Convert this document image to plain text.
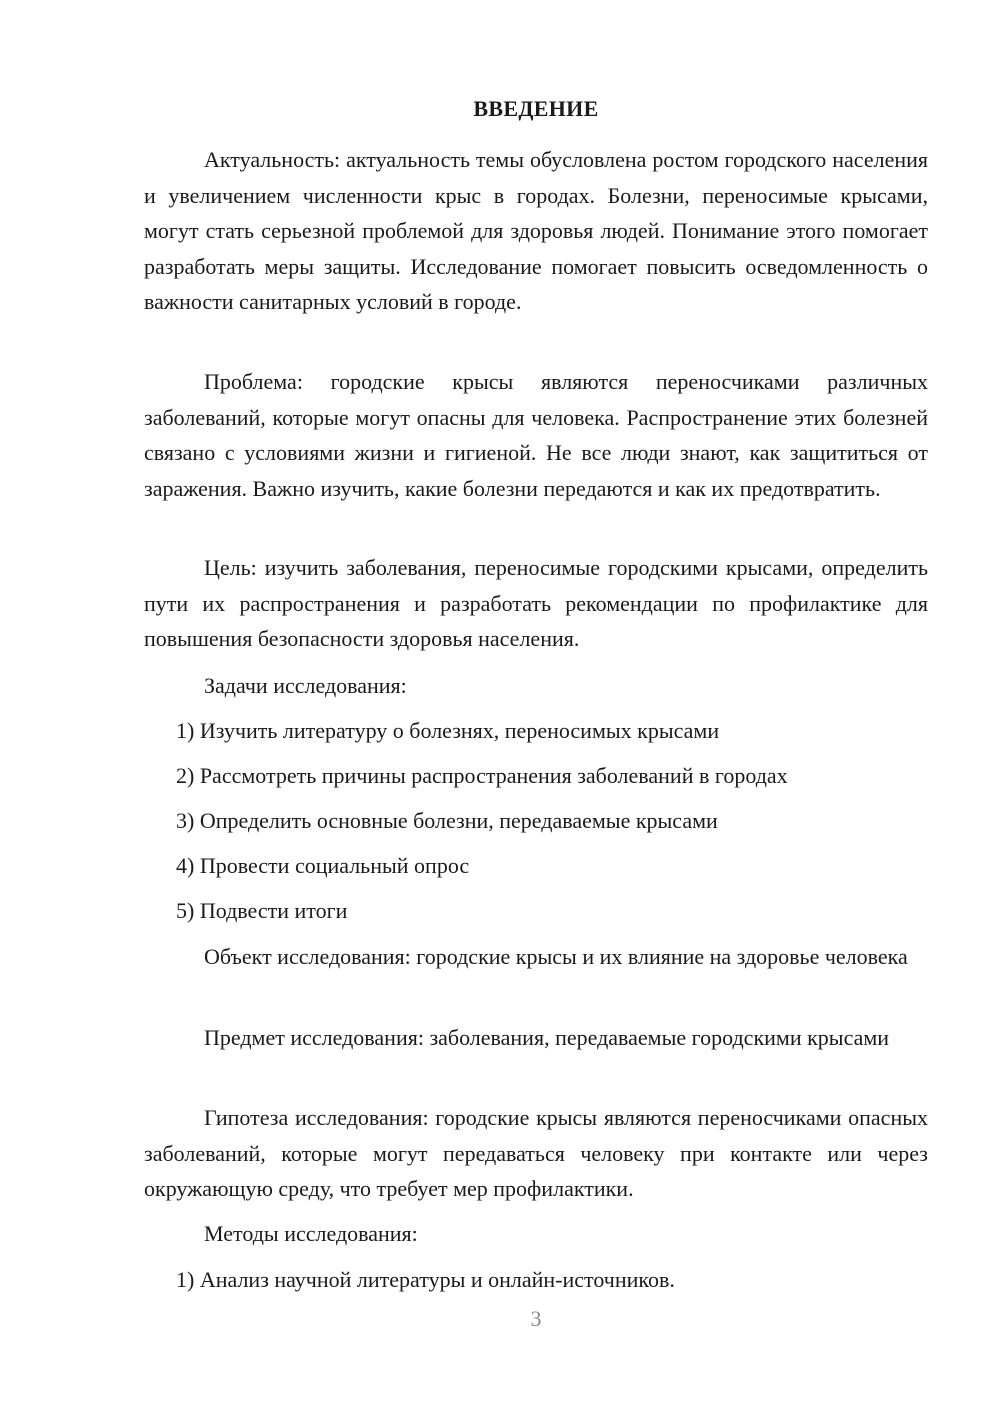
ВВЕДЕНИЕ

Актуальность: актуальность темы обусловлена ростом городского населения и увеличением численности крыс в городах. Болезни, переносимые крысами, могут стать серьезной проблемой для здоровья людей. Понимание этого помогает разработать меры защиты. Исследование помогает повысить осведомленность о важности санитарных условий в городе.

Проблема: городские крысы являются переносчиками различных заболеваний, которые могут опасны для человека. Распространение этих болезней связано с условиями жизни и гигиеной. Не все люди знают, как защититься от заражения. Важно изучить, какие болезни передаются и как их предотвратить.

Цель: изучить заболевания, переносимые городскими крысами, определить пути их распространения и разработать рекомендации по профилактике для повышения безопасности здоровья населения.

Задачи исследования:

1) Изучить литературу о болезнях, переносимых крысами

2) Рассмотреть причины распространения заболеваний в городах

3) Определить основные болезни, передаваемые крысами

4) Провести социальный опрос

5) Подвести итоги

Объект исследования: городские крысы и их влияние на здоровье человека

Предмет исследования: заболевания, передаваемые городскими крысами

Гипотеза исследования: городские крысы являются переносчиками опасных заболеваний, которые могут передаваться человеку при контакте или через окружающую среду, что требует мер профилактики.

Методы исследования:

1) Анализ научной литературы и онлайн-источников.

3
